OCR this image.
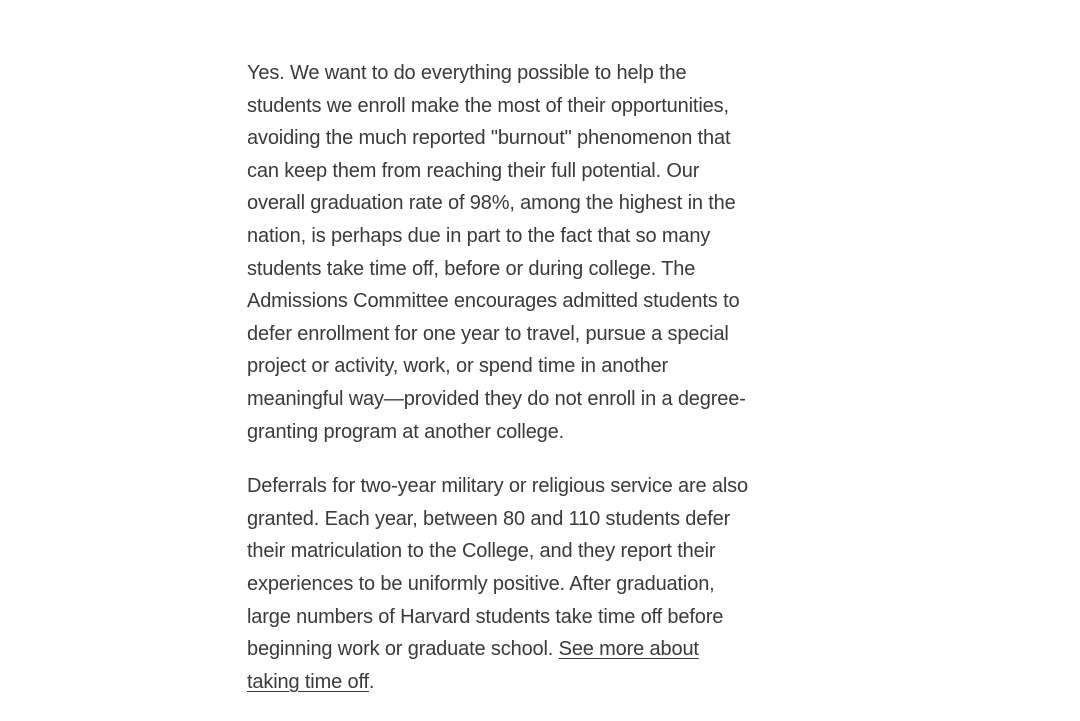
Yes. We want to do everything possible to help the
students we enroll make the most of their opportunities,
avoiding the much reported "burnout" phenomenon that
can keep them from reaching their full potential. Our
overall graduation rate of 98%, among the highest in the
nation, is perhaps due in part to the fact that so many
students take time off, before or during college. The
Admissions Committee encourages admitted students to
defer enrollment for one year to travel, pursue a special
project or activity, work, or spend time in another
meaningful way—provided they do not enroll in a degree-
granting program at another college.

Deferrals for two-year military or religious service are also
granted. Each year, between 80 and 110 students defer
their matriculation to the College, and they report their
experiences to be uniformly positive. After graduation,
large numbers of Harvard students take time off before
beginning work or graduate school. See more about
taking time off.
